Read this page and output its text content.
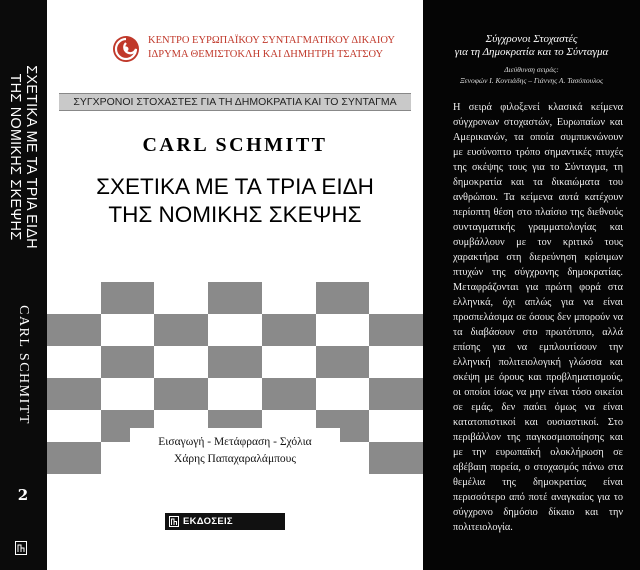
ΣΧΕΤΙΚΑ ΜΕ ΤΑ ΤΡΙΑ ΕΙΔΗ
ΤΗΣ ΝΟΜΙΚΗΣ ΣΚΕΨΗΣ
CARL SCHMITT
2
ΚΕΝΤΡΟ ΕΥΡΩΠΑΪΚΟΥ ΣΥΝΤΑΓΜΑΤΙΚΟΥ ΔΙΚΑΙΟΥ
ΙΔΡΥΜΑ ΘΕΜΙΣΤΟΚΛΗ ΚΑΙ ΔΗΜΗΤΡΗ ΤΣΑΤΣΟΥ
ΣΥΓΧΡΟΝΟΙ ΣΤΟΧΑΣΤΕΣ ΓΙΑ ΤΗ ΔΗΜΟΚΡΑΤΙΑ ΚΑΙ ΤΟ ΣΥΝΤΑΓΜΑ
CARL SCHMITT
ΣΧΕΤΙΚΑ ΜΕ ΤΑ ΤΡΙΑ ΕΙΔΗ
ΤΗΣ ΝΟΜΙΚΗΣ ΣΚΕΨΗΣ
Εισαγωγή - Μετάφραση - Σχόλια
Χάρης Παπαχαραλάμπους
ΕΚΔΟΣΕΙΣ ΠΑΠΑΖΗΣΗ
Σύγχρονοι Στοχαστές
για τη Δημοκρατία και το Σύνταγμα
Διεύθυνση σειράς:
Ξενοφών Ι. Κοντιάδης – Γιάννης Α. Τασόπουλος
Η σειρά φιλοξενεί κλασικά κείμενα σύγχρονων στοχαστών, Ευρωπαίων και Αμερικανών, τα οποία συμπυκνώνουν με ευσύνοπτο τρόπο σημαντικές πτυχές της σκέψης τους για το Σύνταγμα, τη δημοκρατία και τα δικαιώματα του ανθρώπου. Τα κείμενα αυτά κατέχουν περίοπτη θέση στο πλαίσιο της διεθνούς συνταγματικής γραμματολογίας και συμβάλλουν με τον κριτικό τους χαρακτήρα στη διερεύνηση κρίσιμων πτυχών της σύγχρονης δημοκρατίας. Μεταφράζονται για πρώτη φορά στα ελληνικά, όχι απλώς για να είναι προσπελάσιμα σε όσους δεν μπορούν να τα διαβάσουν στο πρωτότυπο, αλλά επίσης για να εμπλουτίσουν την ελληνική πολιτειολογική γλώσσα και σκέψη με όρους και προβληματισμούς, οι οποίοι ίσως να μην είναι τόσο οικείοι σε εμάς, δεν παύει όμως να είναι κατατοπιστικοί και ουσιαστικοί. Στο περιβάλλον της παγκοσμιοποίησης και με την ευρωπαϊκή ολοκλήρωση σε αβέβαιη πορεία, ο στοχασμός πάνω στα θεμέλια της δημοκρατίας είναι περισσότερο από ποτέ αναγκαίος για το σύγχρονο δημόσιο δίκαιο και την πολιτειολογία.
